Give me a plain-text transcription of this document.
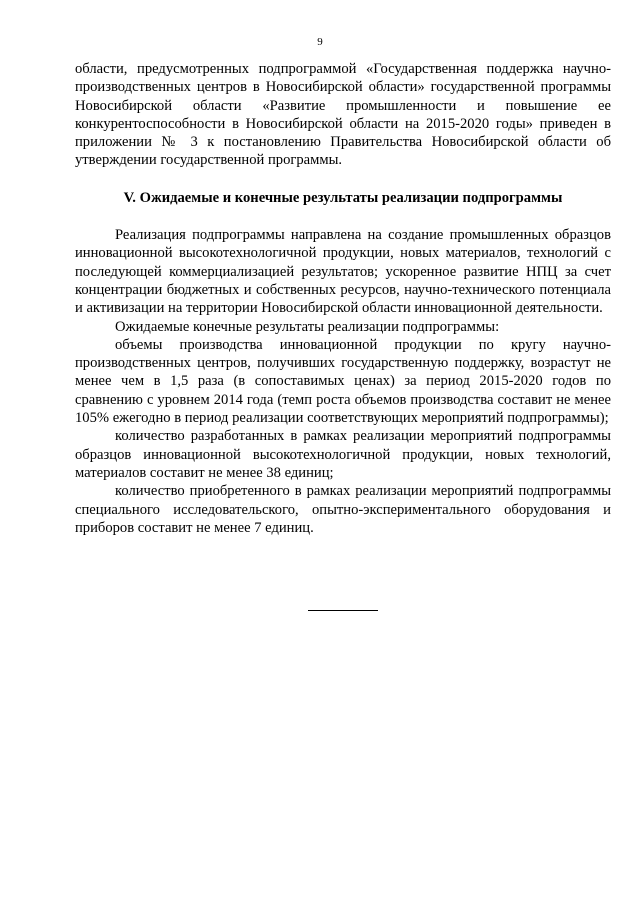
9

области, предусмотренных подпрограммой «Государственная поддержка научно-производственных центров в Новосибирской области» государственной программы Новосибирской области «Развитие промышленности и повышение ее конкурентоспособности в Новосибирской области на 2015-2020 годы» приведен в приложении № 3 к постановлению Правительства Новосибирской области об утверждении государственной программы.

V. Ожидаемые и конечные результаты реализации подпрограммы

Реализация подпрограммы направлена на создание промышленных образцов инновационной высокотехнологичной продукции, новых материалов, технологий с последующей коммерциализацией результатов; ускоренное развитие НПЦ за счет концентрации бюджетных и собственных ресурсов, научно-технического потенциала и активизации на территории Новосибирской области инновационной деятельности.

Ожидаемые конечные результаты реализации подпрограммы:

объемы производства инновационной продукции по кругу научно-производственных центров, получивших государственную поддержку, возрастут не менее чем в 1,5 раза (в сопоставимых ценах) за период 2015-2020 годов по сравнению с уровнем 2014 года (темп роста объемов производства составит не менее 105% ежегодно в период реализации соответствующих мероприятий подпрограммы);

количество разработанных в рамках реализации мероприятий подпрограммы образцов инновационной высокотехнологичной продукции, новых технологий, материалов составит не менее 38 единиц;

количество приобретенного в рамках реализации мероприятий подпрограммы специального исследовательского, опытно-экспериментального оборудования и приборов составит не менее 7 единиц.
